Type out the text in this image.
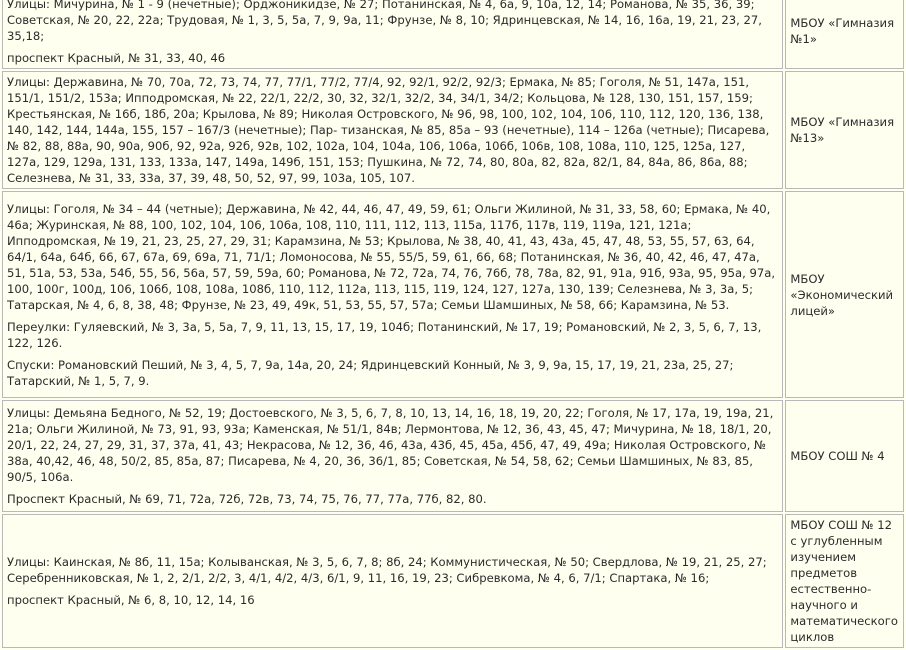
Улицы: Мичурина, № 1 - 9 (нечетные); Орджоникидзе, № 27; Потанинская, № 4, 6а, 9, 10а, 12, 14; Романова, № 35, 36, 39; Советская, № 20, 22, 22а; Трудовая, № 1, 3, 5, 5а, 7, 9, 9а, 11; Фрунзе, № 8, 10; Ядринцевская, № 14, 16, 16а, 19, 21, 23, 27, 35,18;

проспект Красный, № 31, 33, 40, 46	МБОУ «Гимназия №1»

Улицы: Державина, № 70, 70а, 72, 73, 74, 77, 77/1, 77/2, 77/4, 92, 92/1, 92/2, 92/3; Ермака, № 85; Гоголя, № 51, 147а, 151, 151/1, 151/2, 153а; Ипподромская, № 22, 22/1, 22/2, 30, 32, 32/1, 32/2, 34, 34/1, 34/2; Кольцова, № 128, 130, 151, 157, 159; Крестьянская, № 16б, 18б, 20а; Крылова, № 89; Николая Островского, № 96, 98, 100, 102, 104, 106, 110, 112, 120, 136, 138, 140, 142, 144, 144а, 155, 157 – 167/3 (нечетные); Пар- тизанская, № 85, 85а – 93 (нечетные), 114 – 126а (четные); Писарева, № 82, 88, 88а, 90, 90а, 90б, 92, 92а, 92б, 92в, 102, 102а, 104, 104а, 106, 106а, 106б, 106в, 108, 108а, 110, 125, 125а, 127, 127а, 129, 129а, 131, 133, 133а, 147, 149а, 149б, 151, 153; Пушкина, № 72, 74, 80, 80а, 82, 82а, 82/1, 84, 84а, 86, 86а, 88; Селезнева, № 31, 33, 33а, 37, 39, 48, 50, 52, 97, 99, 103а, 105, 107.	МБОУ «Гимназия №13»

Улицы: Гоголя, № 34 – 44 (четные); Державина, № 42, 44, 46, 47, 49, 59, 61; Ольги Жилиной, № 31, 33, 58, 60; Ермака, № 40, 46а; Журинская, № 88, 100, 102, 104, 106, 106а, 108, 110, 111, 112, 113, 115а, 117б, 117в, 119, 119а, 121, 121а; Ипподромская, № 19, 21, 23, 25, 27, 29, 31; Карамзина, № 53; Крылова, № 38, 40, 41, 43, 43а, 45, 47, 48, 53, 55, 57, 63, 64, 64/1, 64а, 64б, 66, 67, 67а, 69, 69а, 71, 71/1; Ломоносова, № 55, 55/5, 59, 61, 66, 68; Потанинская, № 36, 40, 42, 46, 47, 47а, 51, 51а, 53, 53а, 54б, 55, 56, 56а, 57, 59, 59а, 60; Романова, № 72, 72а, 74, 76, 76б, 78, 78а, 82, 91, 91а, 91б, 93а, 95, 95а, 97а, 100, 100г, 100д, 106, 106б, 108, 108а, 108б, 110, 112, 112а, 113, 115, 119, 124, 127, 127а, 130, 139; Селезнева, № 3, 3а, 5; Татарская, № 4, 6, 8, 38, 48; Фрунзе, № 23, 49, 49к, 51, 53, 55, 57, 57а; Семьи Шамшиных, № 58, 66; Карамзина, № 53.

Переулки: Гуляевский, № 3, 3а, 5, 5а, 7, 9, 11, 13, 15, 17, 19, 104б; Потанинский, № 17, 19; Романовский, № 2, 3, 5, 6, 7, 13, 122, 126.

Спуски: Романовский Пеший, № 3, 4, 5, 7, 9а, 14а, 20, 24; Ядринцевский Конный, № 3, 9, 9а, 15, 17, 19, 21, 23а, 25, 27; Татарский, № 1, 5, 7, 9.	МБОУ «Экономический лицей»

Улицы: Демьяна Бедного, № 52, 19; Достоевского, № 3, 5, 6, 7, 8, 10, 13, 14, 16, 18, 19, 20, 22; Гоголя, № 17, 17а, 19, 19а, 21, 21а; Ольги Жилиной, № 73, 91, 93, 93а; Каменская, № 51/1, 84в; Лермонтова, № 12, 36, 43, 45, 47; Мичурина, № 18, 18/1, 20, 20/1, 22, 24, 27, 29, 31, 37, 37а, 41, 43; Некрасова, № 12, 36, 46, 43а, 43б, 45, 45а, 45б, 47, 49, 49а; Николая Островского, № 38а, 40,42, 46, 48, 50/2, 85, 85а, 87; Писарева, № 4, 20, 36, 36/1, 85; Советская, № 54, 58, 62; Семьи Шамшиных, № 83, 85, 90/5, 106а.

Проспект Красный, № 69, 71, 72а, 72б, 72в, 73, 74, 75, 76, 77, 77а, 77б, 82, 80.	МБОУ СОШ № 4

Улицы: Каинская, № 8б, 11, 15а; Колыванская, № 3, 5, 6, 7, 8; 8б, 24; Коммунистическая, № 50; Свердлова, № 19, 21, 25, 27; Серебренниковская, № 1, 2, 2/1, 2/2, 3, 4/1, 4/2, 4/3, 6/1, 9, 11, 16, 19, 23; Сибревкома, № 4, 6, 7/1; Спартака, № 16;

проспект Красный, № 6, 8, 10, 12, 14, 16	МБОУ СОШ № 12 с углубленным изучением предметов естественно-научного и математического циклов
